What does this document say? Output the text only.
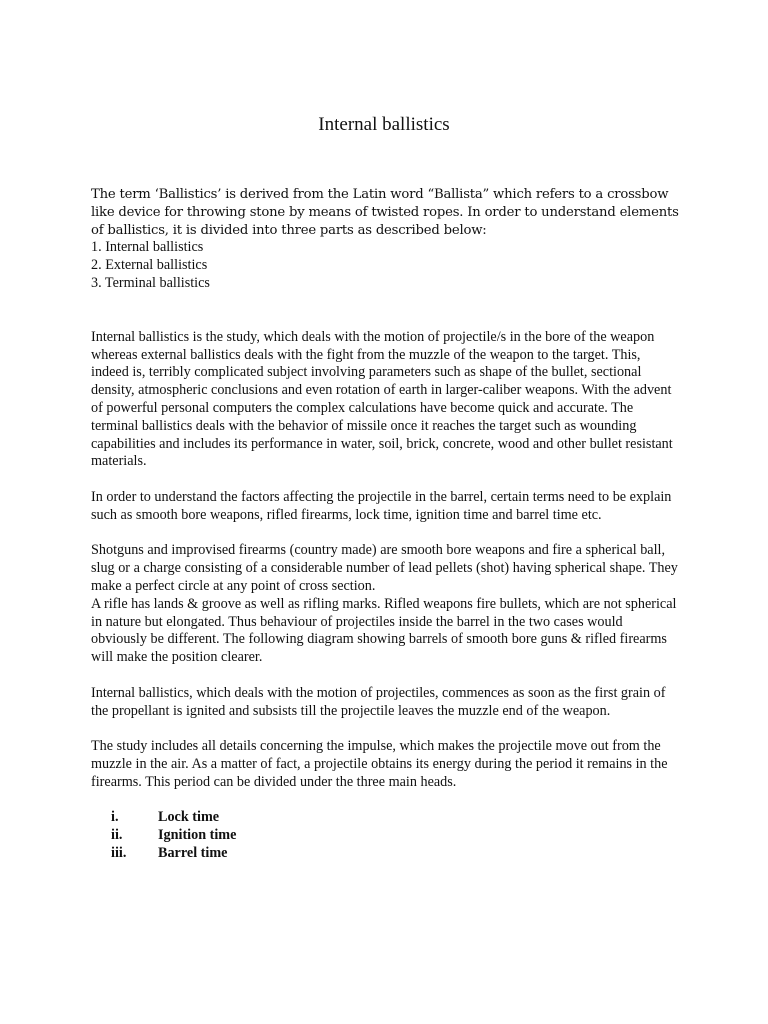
Internal ballistics

The term ‘Ballistics’ is derived from the Latin word “Ballista” which refers to a crossbow like device for throwing stone by means of twisted ropes. In order to understand elements of ballistics, it is divided into three parts as described below:

1. Internal ballistics
2. External ballistics
3. Terminal ballistics

Internal ballistics is the study, which deals with the motion of projectile/s in the bore of the weapon whereas external ballistics deals with the fight from the muzzle of the weapon to the target. This, indeed is, terribly complicated subject involving parameters such as shape of the bullet, sectional density, atmospheric conclusions and even rotation of earth in larger-caliber weapons. With the advent of powerful personal computers the complex calculations have become quick and accurate. The terminal ballistics deals with the behavior of missile once it reaches the target such as wounding capabilities and includes its performance in water, soil, brick, concrete, wood and other bullet resistant materials.

In order to understand the factors affecting the projectile in the barrel, certain terms need to be explain such as smooth bore weapons, rifled firearms, lock time, ignition time and barrel time etc.

Shotguns and improvised firearms (country made) are smooth bore weapons and fire a spherical ball, slug or a charge consisting of a considerable number of lead pellets (shot) having spherical shape. They make a perfect circle at any point of cross section.

A rifle has lands & groove as well as rifling marks. Rifled weapons fire bullets, which are not spherical in nature but elongated. Thus behaviour of projectiles inside the barrel in the two cases would obviously be different. The following diagram showing barrels of smooth bore guns & rifled firearms will make the position clearer.

Internal ballistics, which deals with the motion of projectiles, commences as soon as the first grain of the propellant is ignited and subsists till the projectile leaves the muzzle end of the weapon.

The study includes all details concerning the impulse, which makes the projectile move out from the muzzle in the air. As a matter of fact, a projectile obtains its energy during the period it remains in the firearms. This period can be divided under the three main heads.

i.	Lock time
ii.	Ignition time
iii.	Barrel time
